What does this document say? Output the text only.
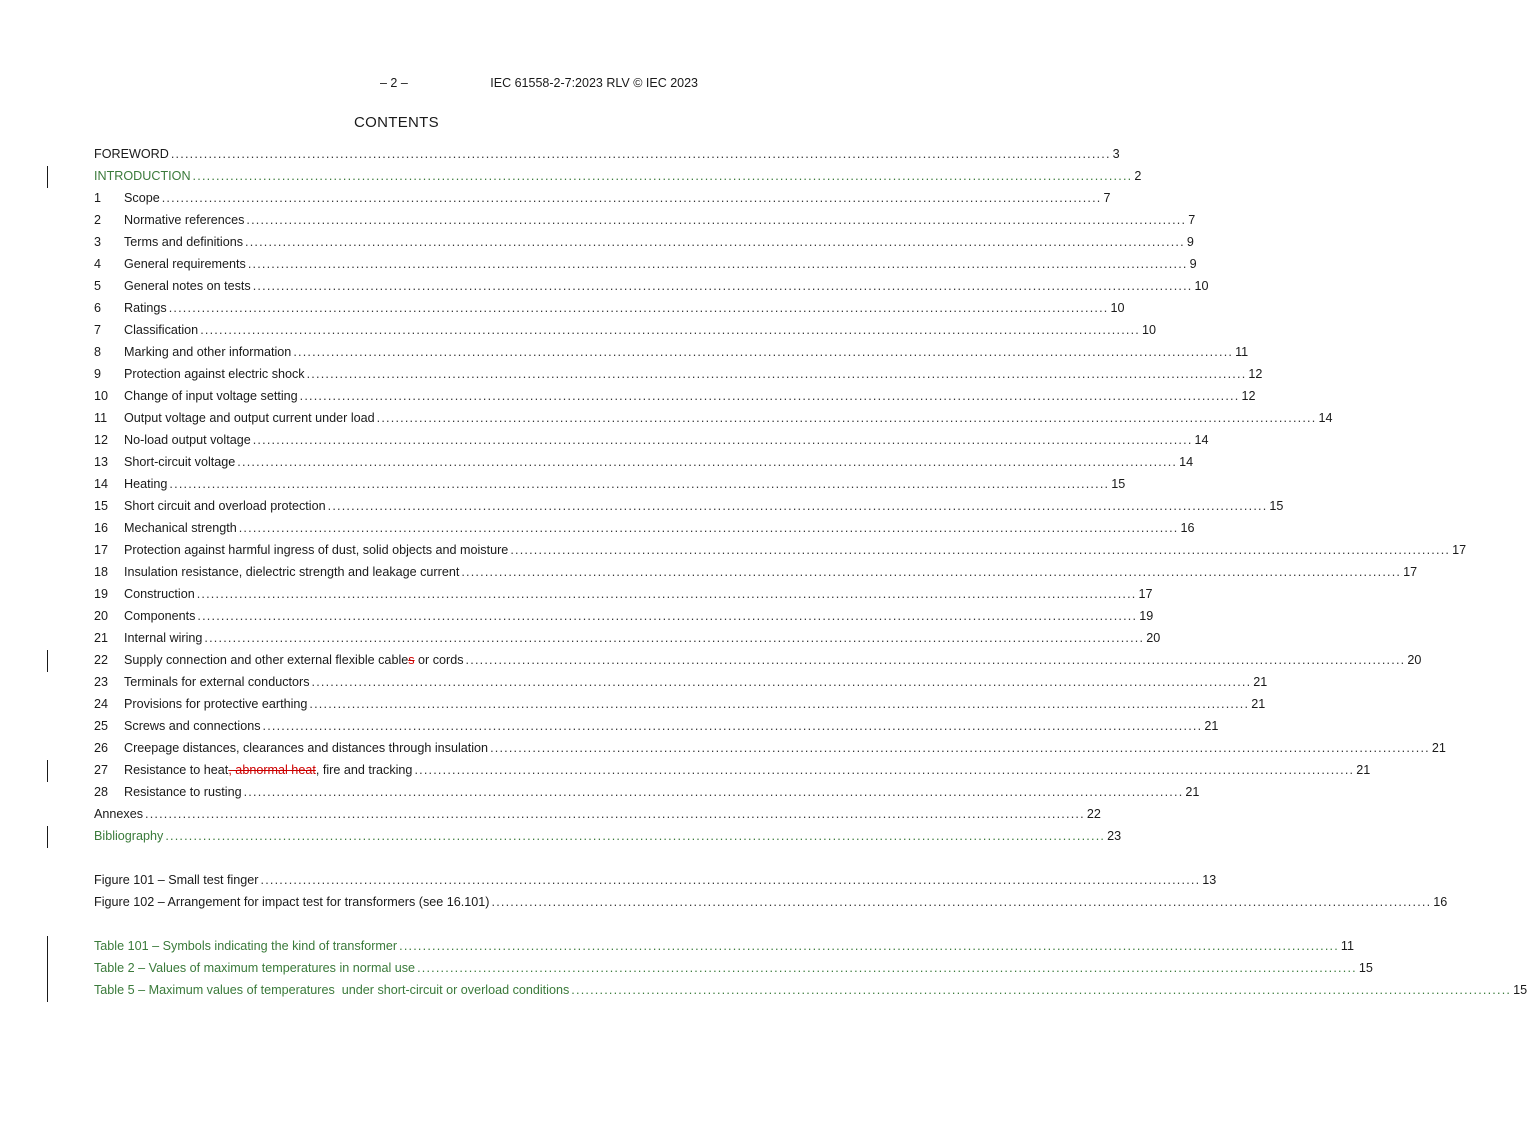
– 2 –	IEC 61558-2-7:2023 RLV © IEC 2023
CONTENTS
FOREWORD ........................................................................................................................................................................................................ 3
INTRODUCTION ........................................................................................................................................................................................................ 2
1	Scope ........................................................................................................................................................................................................ 7
2	Normative references ........................................................................................................................................................................................................ 7
3	Terms and definitions ........................................................................................................................................................................................................ 9
4	General requirements ........................................................................................................................................................................................................ 9
5	General notes on tests ........................................................................................................................................................................................................ 10
6	Ratings ........................................................................................................................................................................................................ 10
7	Classification ........................................................................................................................................................................................................ 10
8	Marking and other information ........................................................................................................................................................................................................ 11
9	Protection against electric shock ........................................................................................................................................................................................................ 12
10	Change of input voltage setting ........................................................................................................................................................................................................ 12
11	Output voltage and output current under load ........................................................................................................................................................................................................ 14
12	No-load output voltage ........................................................................................................................................................................................................ 14
13	Short-circuit voltage ........................................................................................................................................................................................................ 14
14	Heating ........................................................................................................................................................................................................ 15
15	Short circuit and overload protection ........................................................................................................................................................................................................ 15
16	Mechanical strength ........................................................................................................................................................................................................ 16
17	Protection against harmful ingress of dust, solid objects and moisture ........................................................................................................................................................................................................ 17
18	Insulation resistance, dielectric strength and leakage current ........................................................................................................................................................................................................ 17
19	Construction ........................................................................................................................................................................................................ 17
20	Components ........................................................................................................................................................................................................ 19
21	Internal wiring ........................................................................................................................................................................................................ 20
22	Supply connection and other external flexible cables or cords ........................................................................................................................................................................................................ 20
23	Terminals for external conductors ........................................................................................................................................................................................................ 21
24	Provisions for protective earthing ........................................................................................................................................................................................................ 21
25	Screws and connections ........................................................................................................................................................................................................ 21
26	Creepage distances, clearances and distances through insulation ........................................................................................................................................................................................................ 21
27	Resistance to heat, abnormal heat, fire and tracking ........................................................................................................................................................................................................ 21
28	Resistance to rusting ........................................................................................................................................................................................................ 21
Annexes ........................................................................................................................................................................................................ 22
Bibliography ........................................................................................................................................................................................................ 23
Figure 101 – Small test finger ........................................................................................................................................................................................................ 13
Figure 102 – Arrangement for impact test for transformers (see 16.101) ........................................................................................................................................................................................................ 16
Table 101 – Symbols indicating the kind of transformer ........................................................................................................................................................................................................ 11
Table 2 – Values of maximum temperatures in normal use ........................................................................................................................................................................................................ 15
Table 5 – Maximum values of temperatures  under short-circuit or overload conditions ........................................................................................................................................................................................................ 15
